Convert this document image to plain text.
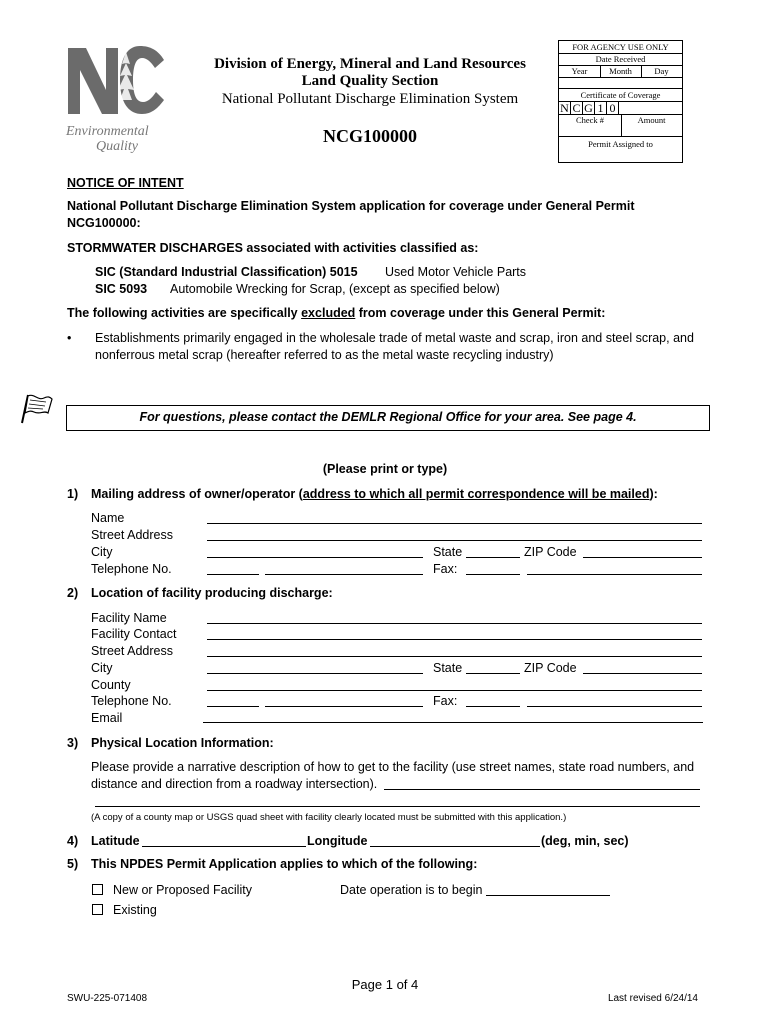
Environmental
Quality
Division of Energy, Mineral and Land Resources
Land Quality Section
National Pollutant Discharge Elimination System
NCG100000
FOR AGENCY USE ONLY
Date Received
Year	Month	Day
Certificate of Coverage
N C G 1 0
Check #	Amount
Permit Assigned to
NOTICE OF INTENT
National Pollutant Discharge Elimination System application for coverage under General Permit
NCG100000:
STORMWATER DISCHARGES associated with activities classified as:
SIC (Standard Industrial Classification) 5015 Used Motor Vehicle Parts
SIC 5093 Automobile Wrecking for Scrap, (except as specified below)
The following activities are specifically excluded from coverage under this General Permit:
• Establishments primarily engaged in the wholesale trade of metal waste and scrap, iron and steel scrap, and
nonferrous metal scrap (hereafter referred to as the metal waste recycling industry)
For questions, please contact the DEMLR Regional Office for your area. See page 4.
(Please print or type)
1) Mailing address of owner/operator (address to which all permit correspondence will be mailed):
Name
Street Address
City	State	ZIP Code
Telephone No.	Fax:
2) Location of facility producing discharge:
Facility Name
Facility Contact
Street Address
City	State	ZIP Code
County
Telephone No.	Fax:
Email
3) Physical Location Information:
Please provide a narrative description of how to get to the facility (use street names, state road numbers, and
distance and direction from a roadway intersection).
(A copy of a county map or USGS quad sheet with facility clearly located must be submitted with this application.)
4) Latitude	Longitude	(deg, min, sec)
5) This NPDES Permit Application applies to which of the following:
New or Proposed Facility	Date operation is to begin
Existing
Page 1 of 4
SWU-225-071408	Last revised 6/24/14
